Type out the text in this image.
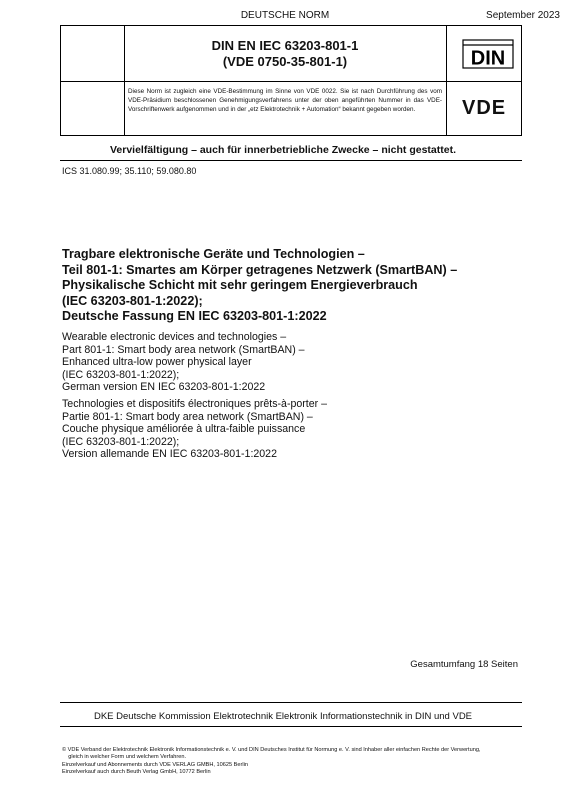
DEUTSCHE NORM	September 2023
DIN EN IEC 63203-801-1
(VDE 0750-35-801-1)	DIN
Diese Norm ist zugleich eine VDE-Bestimmung im Sinne von VDE 0022. Sie ist nach Durchführung des vom VDE-Präsidium beschlossenen Genehmigungsverfahrens unter der oben angeführten Nummer in das VDE-Vorschriftenwerk aufgenommen und in der „etz Elektrotechnik + Automation“ bekannt gegeben worden.	VDE
Vervielfältigung – auch für innerbetriebliche Zwecke – nicht gestattet.
ICS 31.080.99; 35.110; 59.080.80
Tragbare elektronische Geräte und Technologien –
Teil 801-1: Smartes am Körper getragenes Netzwerk (SmartBAN) –
Physikalische Schicht mit sehr geringem Energieverbrauch
(IEC 63203-801-1:2022);
Deutsche Fassung EN IEC 63203-801-1:2022
Wearable electronic devices and technologies –
Part 801-1: Smart body area network (SmartBAN) –
Enhanced ultra-low power physical layer
(IEC 63203-801-1:2022);
German version EN IEC 63203-801-1:2022
Technologies et dispositifs électroniques prêts-à-porter –
Partie 801-1: Smart body area network (SmartBAN) –
Couche physique améliorée à ultra-faible puissance
(IEC 63203-801-1:2022);
Version allemande EN IEC 63203-801-1:2022
Gesamtumfang 18 Seiten
DKE Deutsche Kommission Elektrotechnik Elektronik Informationstechnik in DIN und VDE
© VDE Verband der Elektrotechnik Elektronik Informationstechnik e. V. und DIN Deutsches Institut für Normung e. V. sind Inhaber aller einfachen Rechte der Verwertung,
gleich in welcher Form und welchem Verfahren.
Einzelverkauf und Abonnements durch VDE VERLAG GMBH, 10625 Berlin
Einzelverkauf auch durch Beuth Verlag GmbH, 10772 Berlin
